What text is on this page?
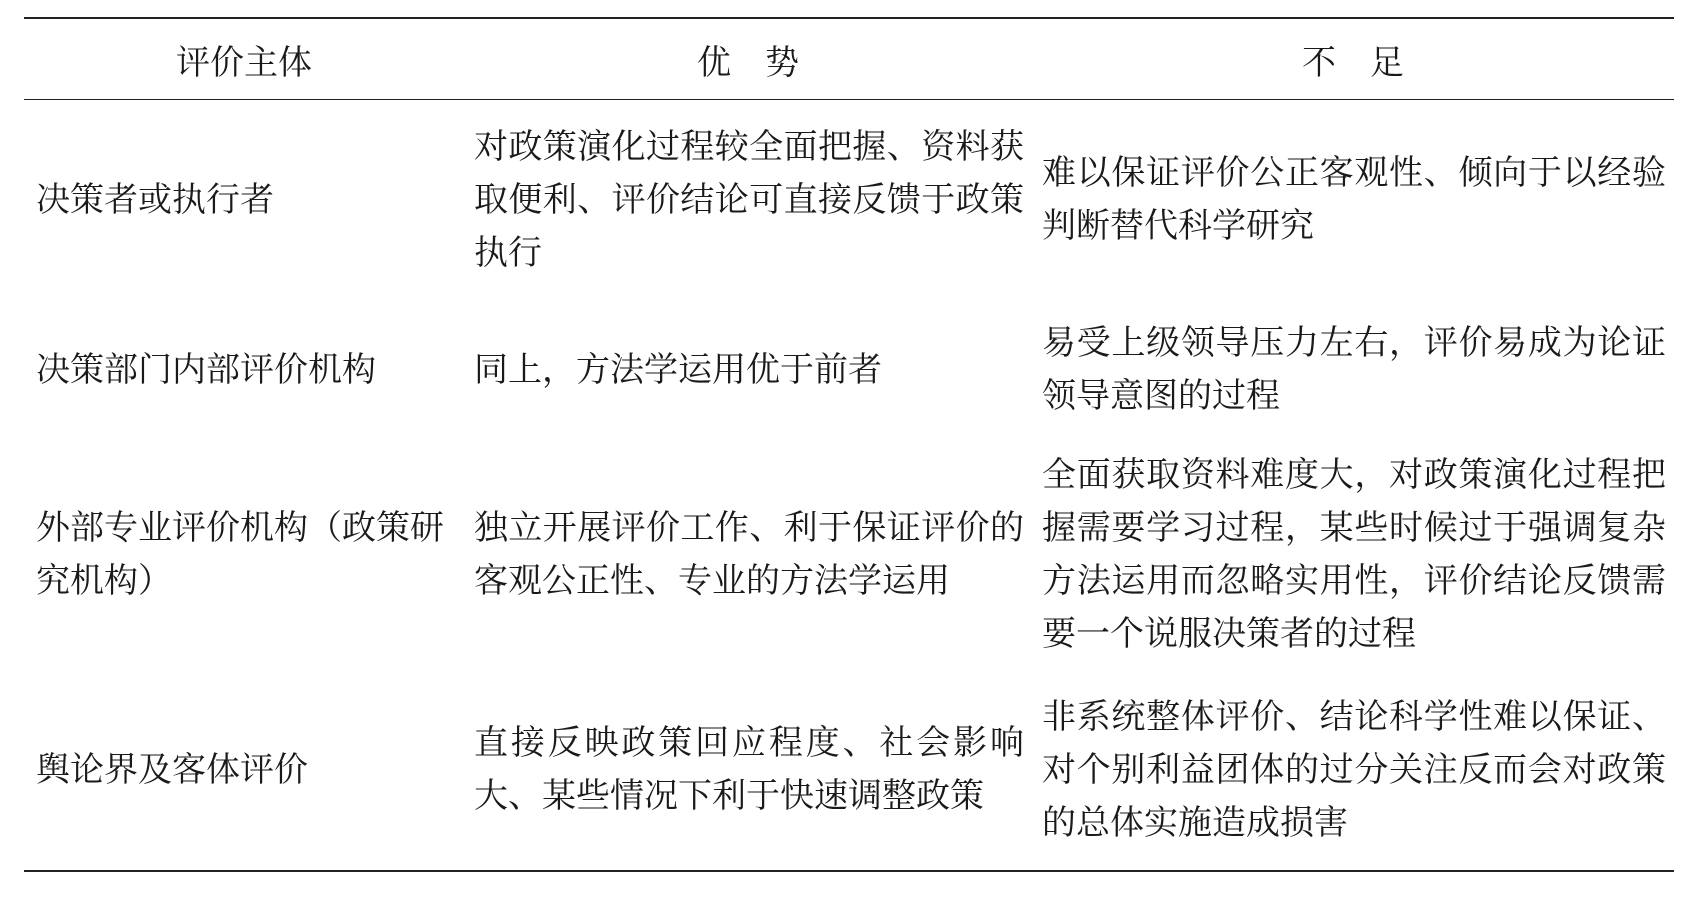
评价主体	优　势	不　足
决策者或执行者	对政策演化过程较全面把握、资料获取便利、评价结论可直接反馈于政策执行	难以保证评价公正客观性、倾向于以经验判断替代科学研究
决策部门内部评价机构	同上，方法学运用优于前者	易受上级领导压力左右，评价易成为论证领导意图的过程
外部专业评价机构（政策研究机构）	独立开展评价工作、利于保证评价的客观公正性、专业的方法学运用	全面获取资料难度大，对政策演化过程把握需要学习过程，某些时候过于强调复杂方法运用而忽略实用性，评价结论反馈需要一个说服决策者的过程
舆论界及客体评价	直接反映政策回应程度、社会影响大、某些情况下利于快速调整政策	非系统整体评价、结论科学性难以保证、对个别利益团体的过分关注反而会对政策的总体实施造成损害
